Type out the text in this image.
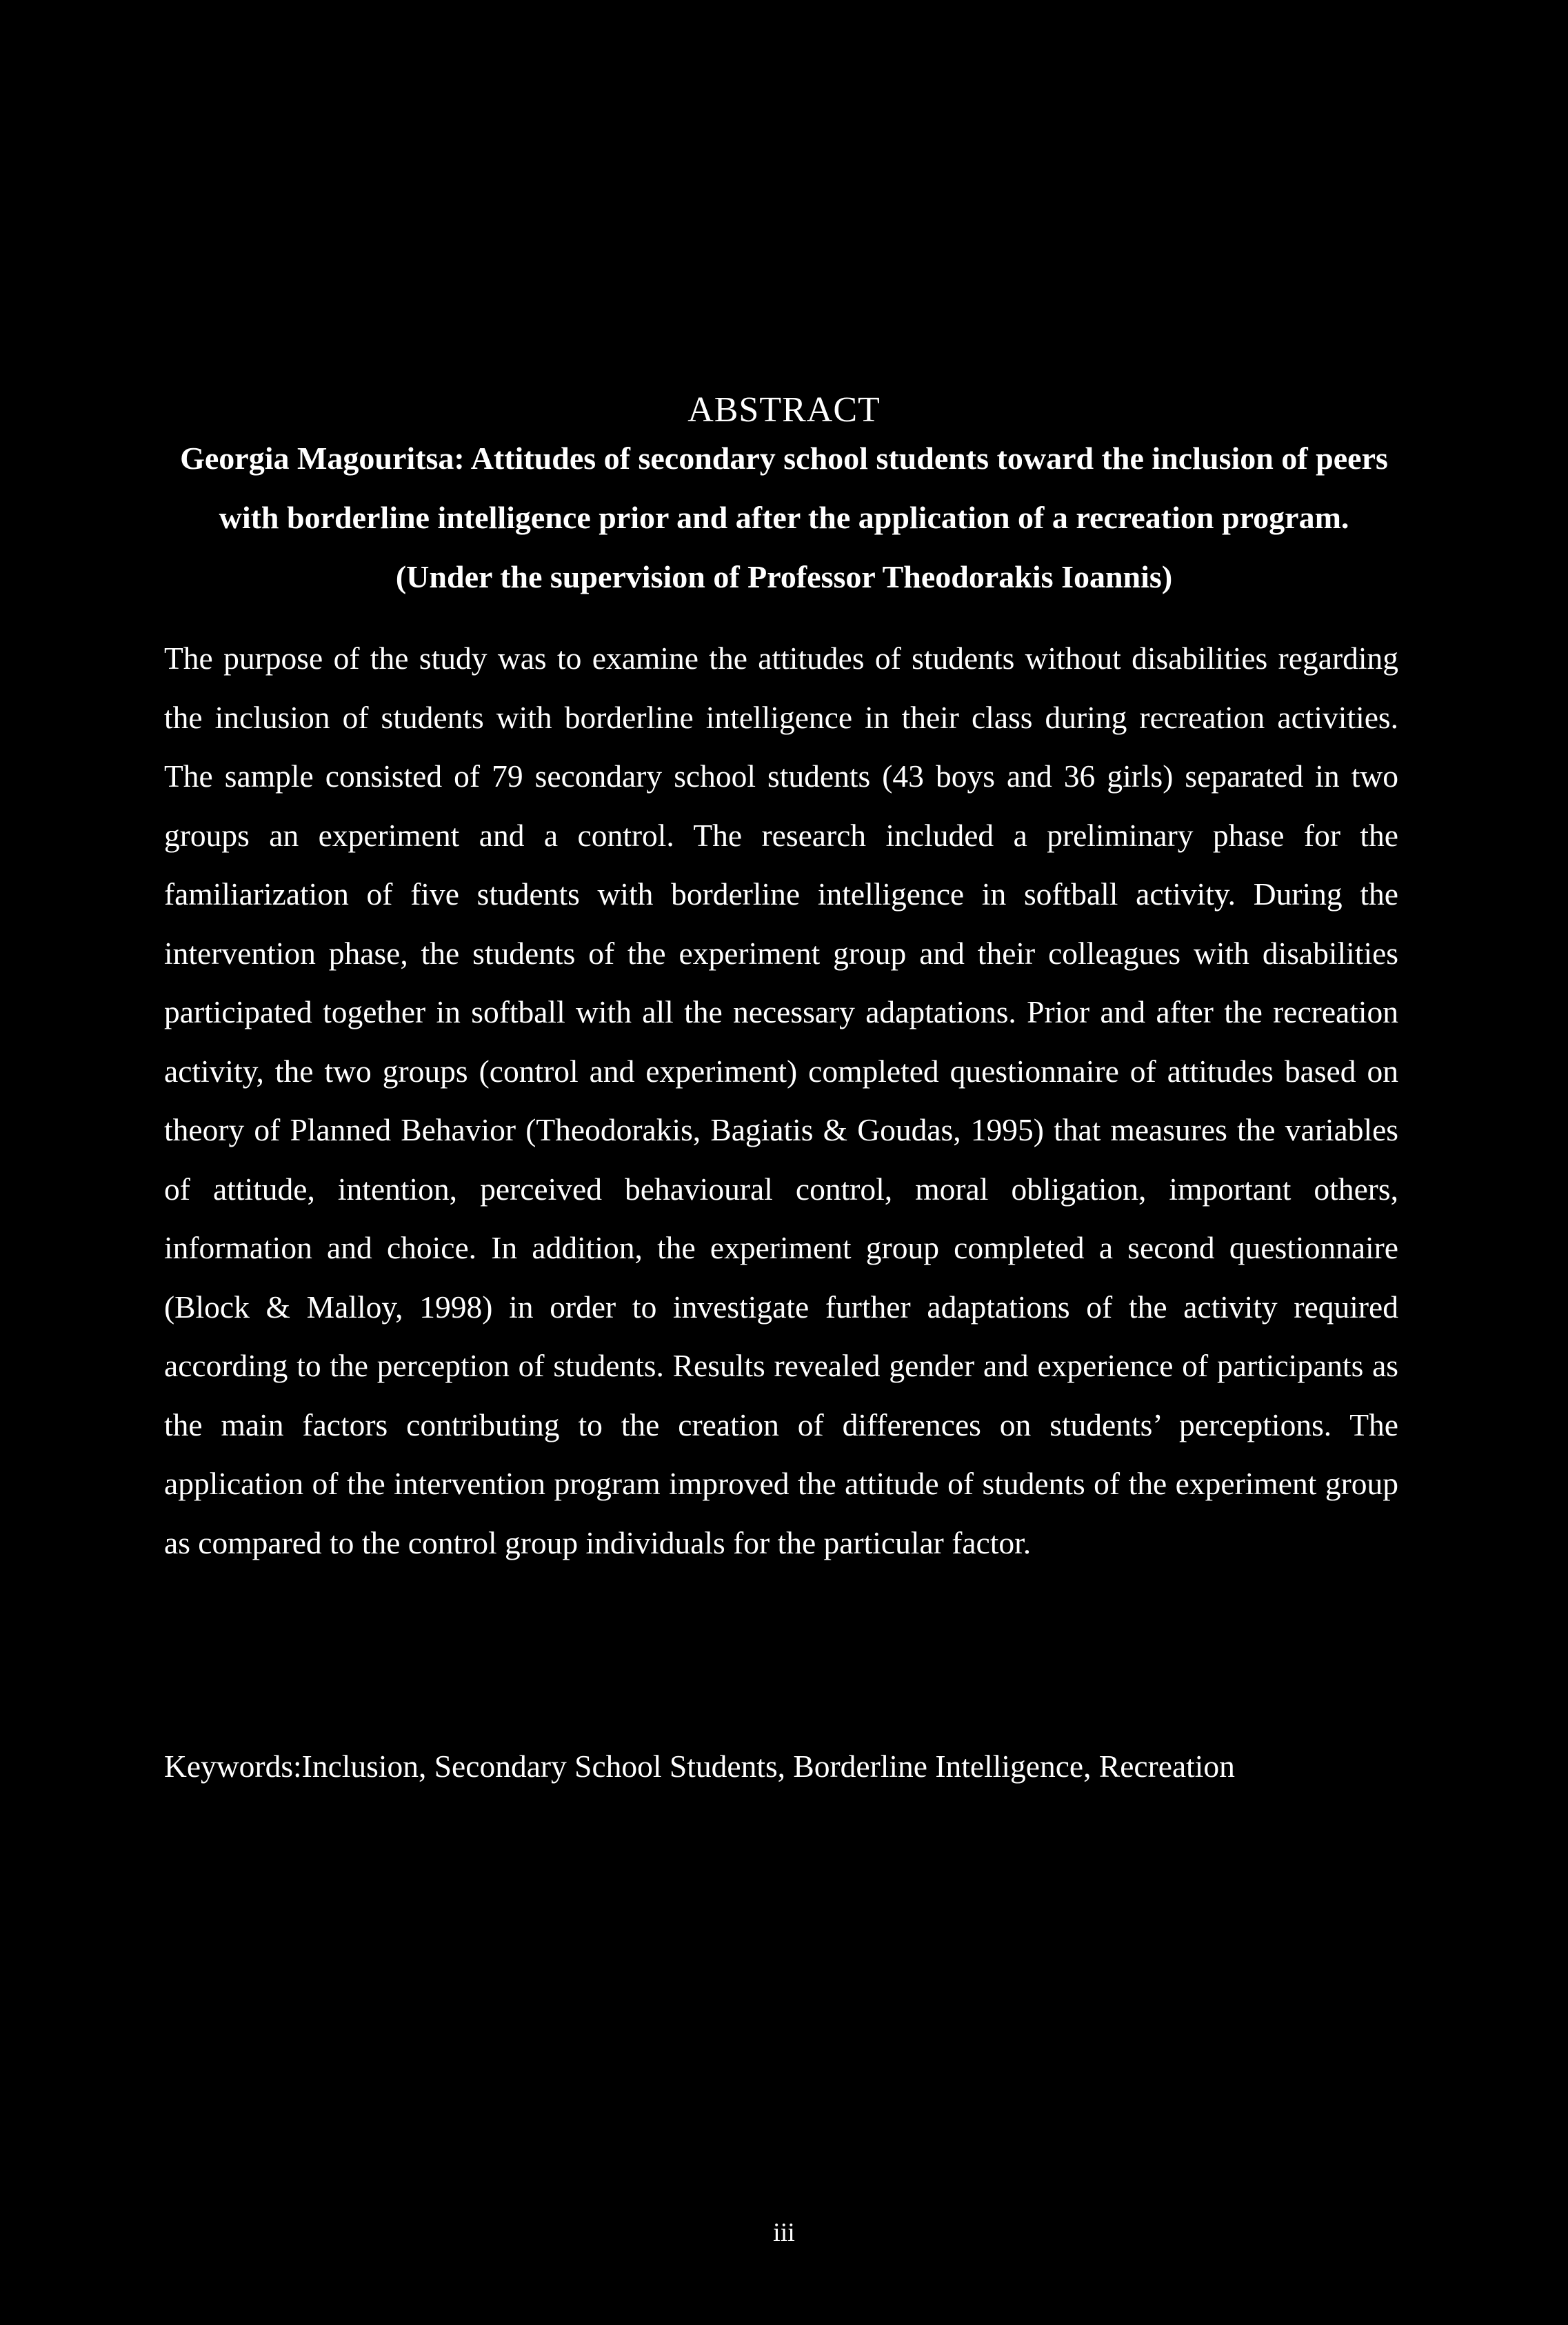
ABSTRACT
Georgia Magouritsa: Attitudes of secondary school students toward the inclusion of peers with borderline intelligence prior and after the application of a recreation program.
(Under the supervision of Professor Theodorakis Ioannis)

The purpose of the study was to examine the attitudes of students without disabilities regarding the inclusion of students with borderline intelligence in their class during recreation activities. The sample consisted of 79 secondary school students (43 boys and 36 girls) separated in two groups an experiment and a control. The research included a preliminary phase for the familiarization of five students with borderline intelligence in softball activity. During the intervention phase, the students of the experiment group and their colleagues with disabilities participated together in softball with all the necessary adaptations. Prior and after the recreation activity, the two groups (control and experiment) completed questionnaire of attitudes based on theory of Planned Behavior (Theodorakis, Bagiatis & Goudas, 1995) that measures the variables of attitude, intention, perceived behavioural control, moral obligation, important others, information and choice. In addition, the experiment group completed a second questionnaire (Block & Malloy, 1998) in order to investigate further adaptations of the activity required according to the perception of students. Results revealed gender and experience of participants as the main factors contributing to the creation of differences on students’ perceptions. The application of the intervention program improved the attitude of students of the experiment group as compared to the control group individuals for the particular factor.

Keywords:Inclusion, Secondary School Students, Borderline Intelligence, Recreation
iii
